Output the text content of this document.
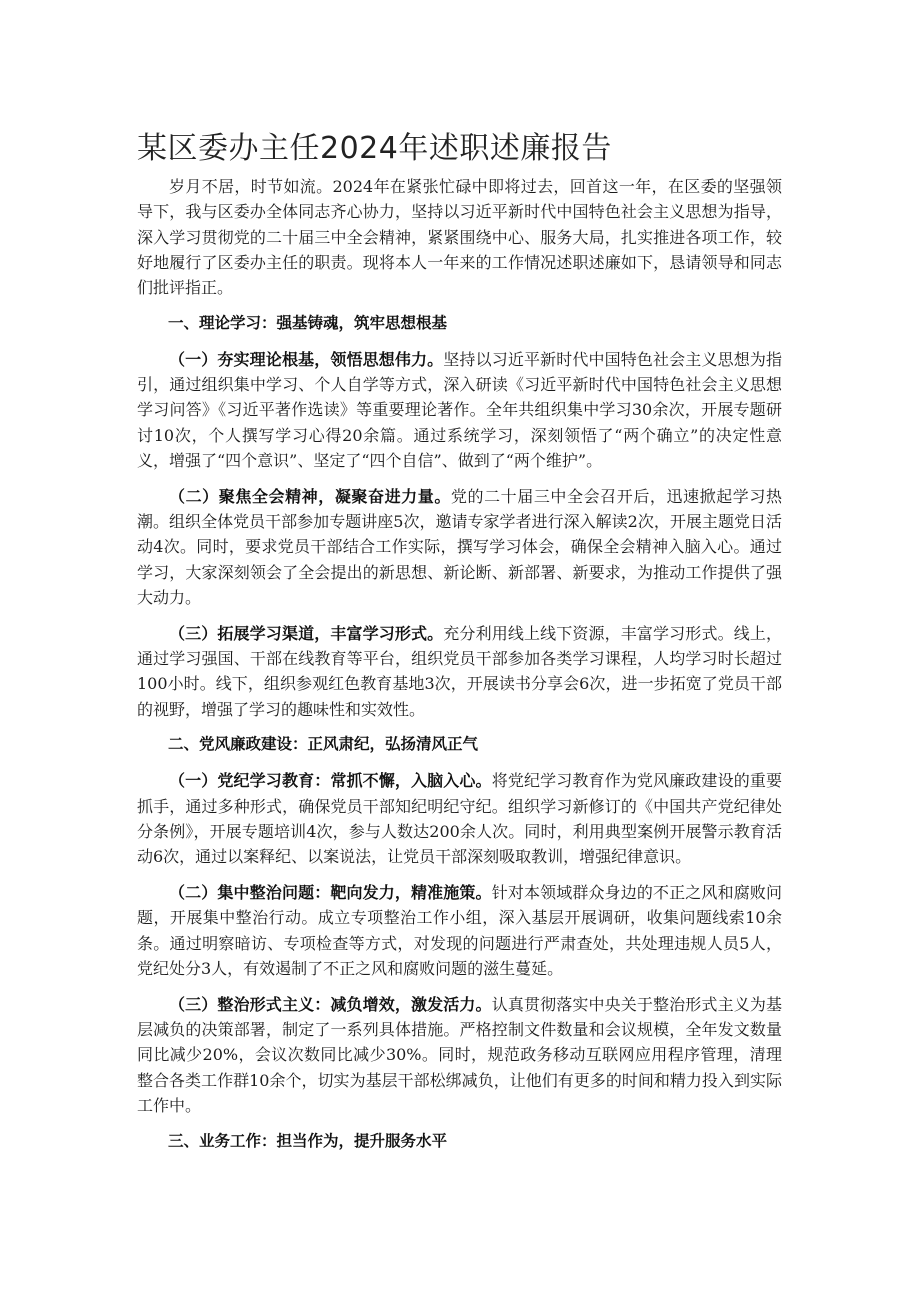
某区委办主任2024年述职述廉报告

岁月不居，时节如流。2024年在紧张忙碌中即将过去，回首这一年，在区委的坚强领导下，我与区委办全体同志齐心协力，坚持以习近平新时代中国特色社会主义思想为指导，深入学习贯彻党的二十届三中全会精神，紧紧围绕中心、服务大局，扎实推进各项工作，较好地履行了区委办主任的职责。现将本人一年来的工作情况述职述廉如下，恳请领导和同志们批评指正。

一、理论学习：强基铸魂，筑牢思想根基

（一）夯实理论根基，领悟思想伟力。坚持以习近平新时代中国特色社会主义思想为指引，通过组织集中学习、个人自学等方式，深入研读《习近平新时代中国特色社会主义思想学习问答》《习近平著作选读》等重要理论著作。全年共组织集中学习30余次，开展专题研讨10次，个人撰写学习心得20余篇。通过系统学习，深刻领悟了“两个确立”的决定性意义，增强了“四个意识”、坚定了“四个自信”、做到了“两个维护”。

（二）聚焦全会精神，凝聚奋进力量。党的二十届三中全会召开后，迅速掀起学习热潮。组织全体党员干部参加专题讲座5次，邀请专家学者进行深入解读2次，开展主题党日活动4次。同时，要求党员干部结合工作实际，撰写学习体会，确保全会精神入脑入心。通过学习，大家深刻领会了全会提出的新思想、新论断、新部署、新要求，为推动工作提供了强大动力。

（三）拓展学习渠道，丰富学习形式。充分利用线上线下资源，丰富学习形式。线上，通过学习强国、干部在线教育等平台，组织党员干部参加各类学习课程，人均学习时长超过100小时。线下，组织参观红色教育基地3次，开展读书分享会6次，进一步拓宽了党员干部的视野，增强了学习的趣味性和实效性。

二、党风廉政建设：正风肃纪，弘扬清风正气

（一）党纪学习教育：常抓不懈，入脑入心。将党纪学习教育作为党风廉政建设的重要抓手，通过多种形式，确保党员干部知纪明纪守纪。组织学习新修订的《中国共产党纪律处分条例》，开展专题培训4次，参与人数达200余人次。同时，利用典型案例开展警示教育活动6次，通过以案释纪、以案说法，让党员干部深刻吸取教训，增强纪律意识。

（二）集中整治问题：靶向发力，精准施策。针对本领域群众身边的不正之风和腐败问题，开展集中整治行动。成立专项整治工作小组，深入基层开展调研，收集问题线索10余条。通过明察暗访、专项检查等方式，对发现的问题进行严肃查处，共处理违规人员5人，党纪处分3人，有效遏制了不正之风和腐败问题的滋生蔓延。

（三）整治形式主义：减负增效，激发活力。认真贯彻落实中央关于整治形式主义为基层减负的决策部署，制定了一系列具体措施。严格控制文件数量和会议规模，全年发文数量同比减少20%，会议次数同比减少30%。同时，规范政务移动互联网应用程序管理，清理整合各类工作群10余个，切实为基层干部松绑减负，让他们有更多的时间和精力投入到实际工作中。

三、业务工作：担当作为，提升服务水平
